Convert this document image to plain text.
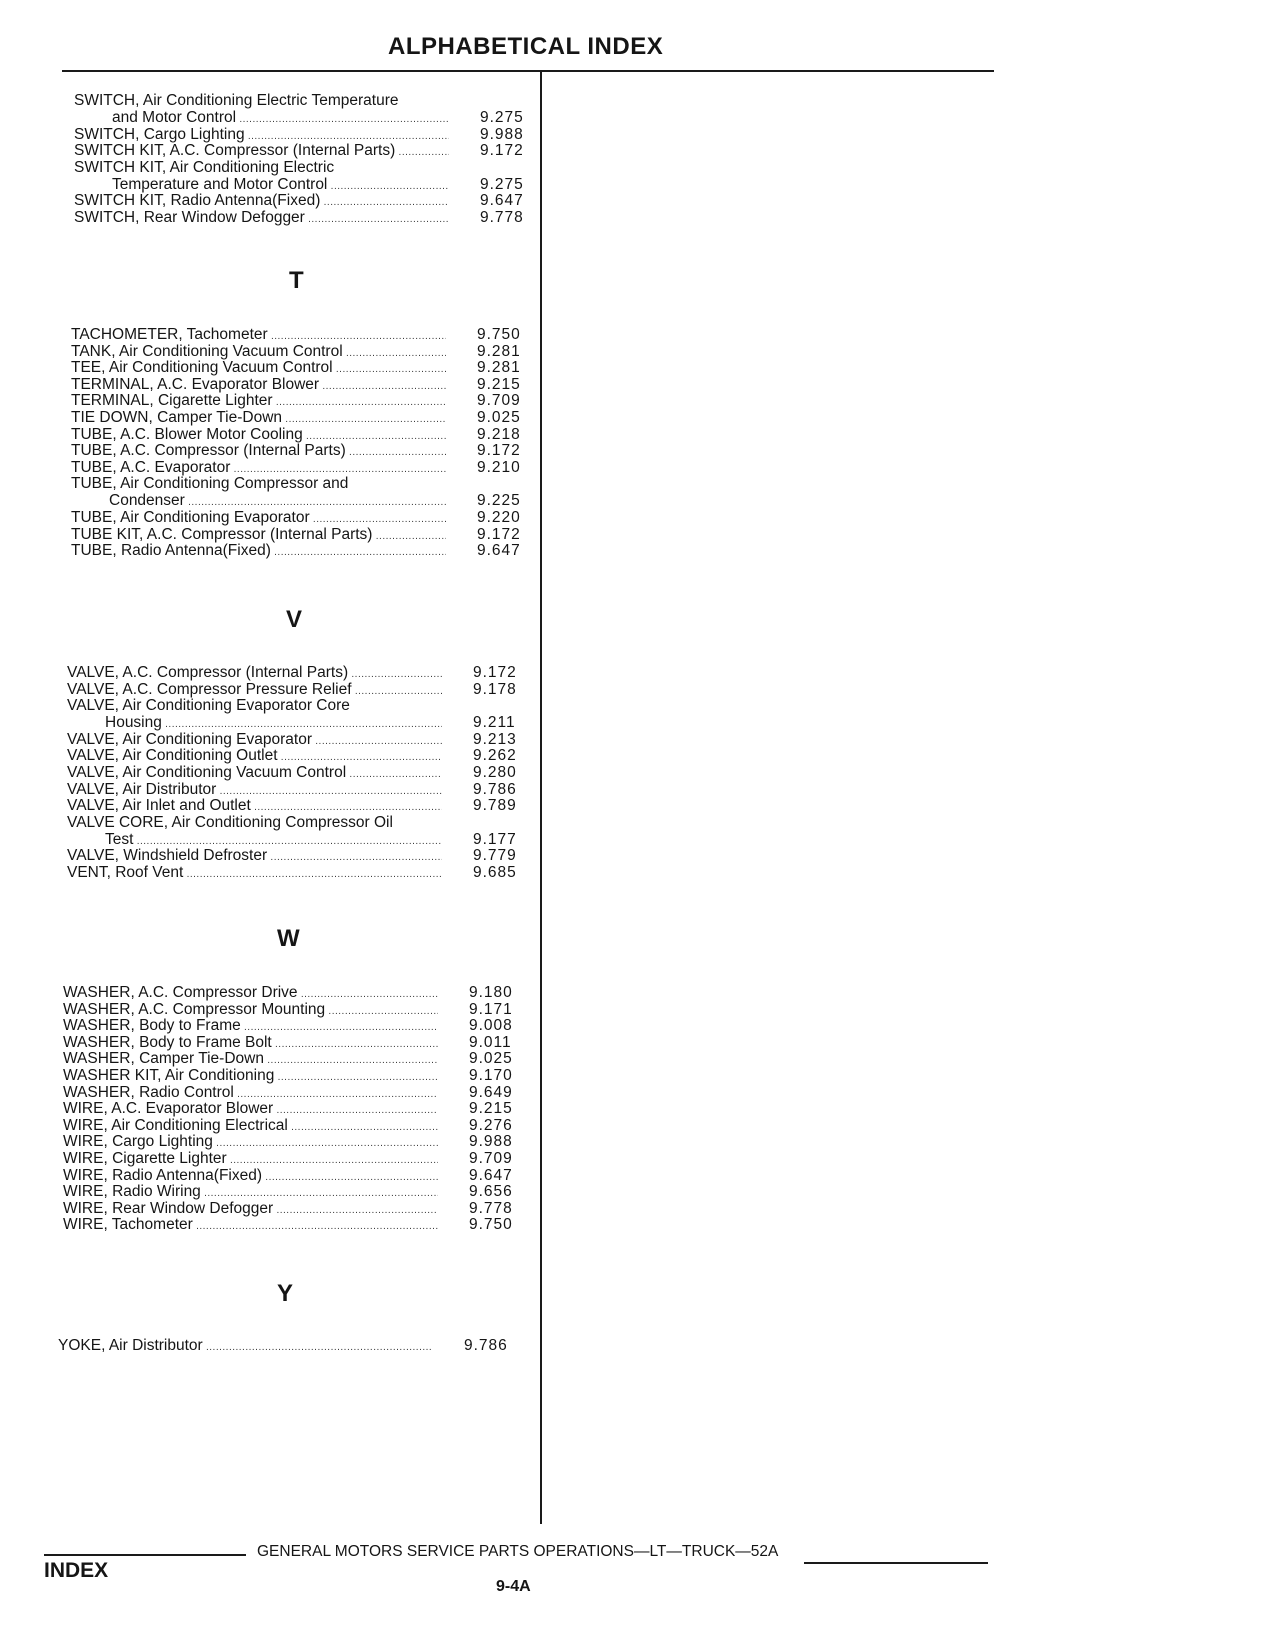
ALPHABETICAL INDEX
T
V
W
Y
GENERAL MOTORS SERVICE PARTS OPERATIONS—LT—TRUCK—52A
INDEX
9-4A
SWITCH, Air Conditioning Electric Temperature
and Motor Control .....	9.275
SWITCH, Cargo Lighting .....	9.988
SWITCH KIT, A.C. Compressor (Internal Parts) .....	9.172
SWITCH KIT, Air Conditioning Electric
Temperature and Motor Control .....	9.275
SWITCH KIT, Radio Antenna(Fixed) .....	9.647
SWITCH, Rear Window Defogger .....	9.778
TACHOMETER, Tachometer .....	9.750
TANK, Air Conditioning Vacuum Control .....	9.281
TEE, Air Conditioning Vacuum Control .....	9.281
TERMINAL, A.C. Evaporator Blower .....	9.215
TERMINAL, Cigarette Lighter .....	9.709
TIE DOWN, Camper Tie-Down .....	9.025
TUBE, A.C. Blower Motor Cooling .....	9.218
TUBE, A.C. Compressor (Internal Parts) .....	9.172
TUBE, A.C. Evaporator .....	9.210
TUBE, Air Conditioning Compressor and
Condenser .....	9.225
TUBE, Air Conditioning Evaporator .....	9.220
TUBE KIT, A.C. Compressor (Internal Parts) .....	9.172
TUBE, Radio Antenna(Fixed) .....	9.647
VALVE, A.C. Compressor (Internal Parts) .....	9.172
VALVE, A.C. Compressor Pressure Relief .....	9.178
VALVE, Air Conditioning Evaporator Core
Housing .....	9.211
VALVE, Air Conditioning Evaporator .....	9.213
VALVE, Air Conditioning Outlet .....	9.262
VALVE, Air Conditioning Vacuum Control .....	9.280
VALVE, Air Distributor .....	9.786
VALVE, Air Inlet and Outlet .....	9.789
VALVE CORE, Air Conditioning Compressor Oil
Test .....	9.177
VALVE, Windshield Defroster .....	9.779
VENT, Roof Vent .....	9.685
WASHER, A.C. Compressor Drive .....	9.180
WASHER, A.C. Compressor Mounting .....	9.171
WASHER, Body to Frame .....	9.008
WASHER, Body to Frame Bolt .....	9.011
WASHER, Camper Tie-Down .....	9.025
WASHER KIT, Air Conditioning .....	9.170
WASHER, Radio Control .....	9.649
WIRE, A.C. Evaporator Blower .....	9.215
WIRE, Air Conditioning Electrical .....	9.276
WIRE, Cargo Lighting .....	9.988
WIRE, Cigarette Lighter .....	9.709
WIRE, Radio Antenna(Fixed) .....	9.647
WIRE, Radio Wiring .....	9.656
WIRE, Rear Window Defogger .....	9.778
WIRE, Tachometer .....	9.750
YOKE, Air Distributor .....	9.786
